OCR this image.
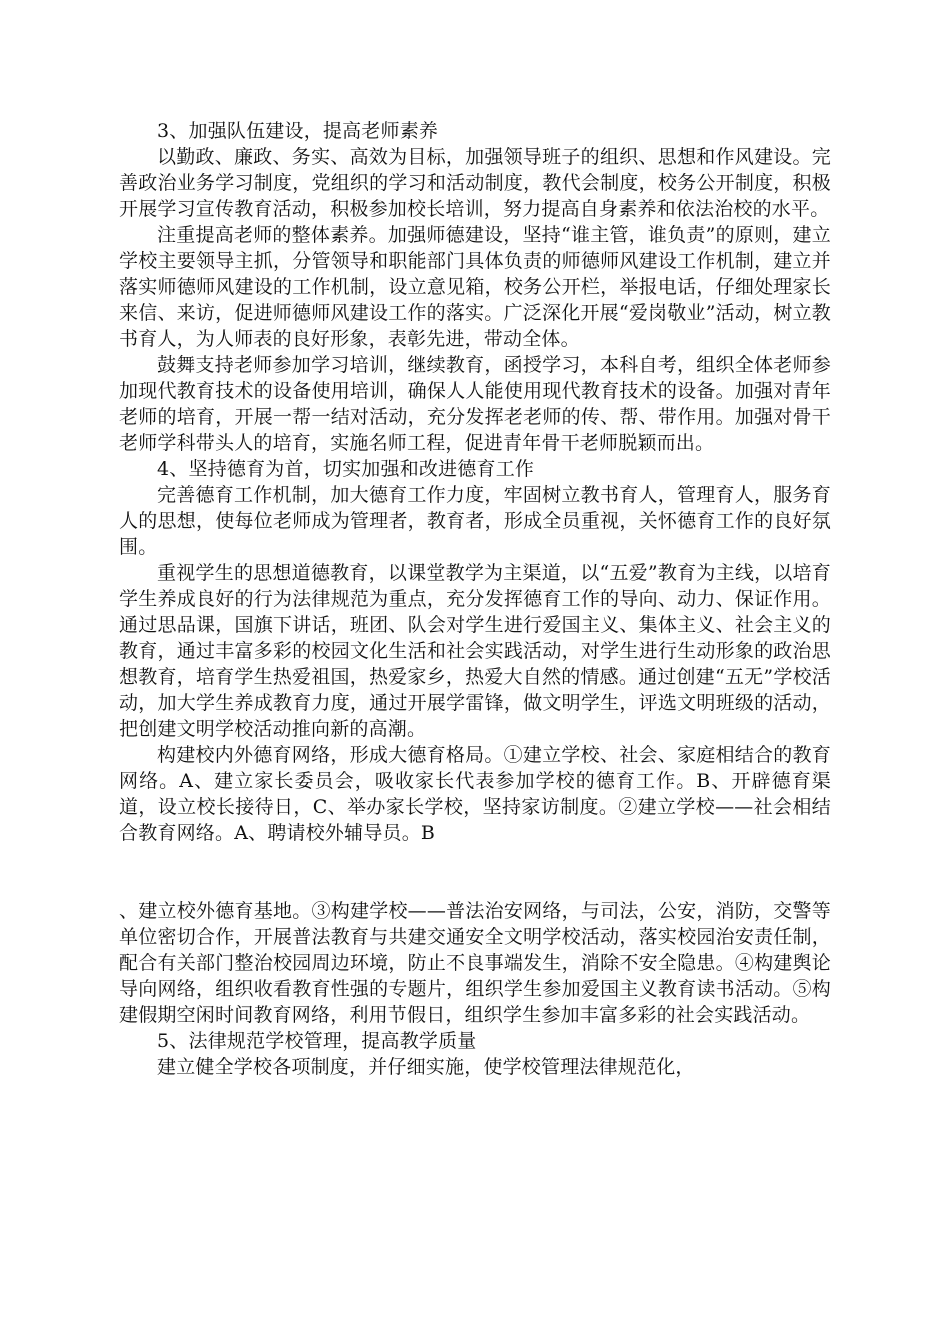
3、加强队伍建设，提高老师素养

以勤政、廉政、务实、高效为目标，加强领导班子的组织、思想和作风建设。完善政治业务学习制度，党组织的学习和活动制度，教代会制度，校务公开制度，积极开展学习宣传教育活动，积极参加校长培训，努力提高自身素养和依法治校的水平。

注重提高老师的整体素养。加强师德建设，坚持“谁主管，谁负责”的原则，建立学校主要领导主抓，分管领导和职能部门具体负责的师德师风建设工作机制，建立并落实师德师风建设的工作机制，设立意见箱，校务公开栏，举报电话，仔细处理家长来信、来访，促进师德师风建设工作的落实。广泛深化开展“爱岗敬业”活动，树立教书育人，为人师表的良好形象，表彰先进，带动全体。

鼓舞支持老师参加学习培训，继续教育，函授学习，本科自考，组织全体老师参加现代教育技术的设备使用培训，确保人人能使用现代教育技术的设备。加强对青年老师的培育，开展一帮一结对活动，充分发挥老老师的传、帮、带作用。加强对骨干老师学科带头人的培育，实施名师工程，促进青年骨干老师脱颖而出。

4、坚持德育为首，切实加强和改进德育工作

完善德育工作机制，加大德育工作力度，牢固树立教书育人，管理育人，服务育人的思想，使每位老师成为管理者，教育者，形成全员重视，关怀德育工作的良好氛围。

重视学生的思想道德教育，以课堂教学为主渠道，以“五爱”教育为主线，以培育学生养成良好的行为法律规范为重点，充分发挥德育工作的导向、动力、保证作用。通过思品课，国旗下讲话，班团、队会对学生进行爱国主义、集体主义、社会主义的教育，通过丰富多彩的校园文化生活和社会实践活动，对学生进行生动形象的政治思想教育，培育学生热爱祖国，热爱家乡，热爱大自然的情感。通过创建“五无”学校活动，加大学生养成教育力度，通过开展学雷锋，做文明学生，评选文明班级的活动，把创建文明学校活动推向新的高潮。

构建校内外德育网络，形成大德育格局。①建立学校、社会、家庭相结合的教育网络。A、建立家长委员会，吸收家长代表参加学校的德育工作。B、开辟德育渠道，设立校长接待日，C、举办家长学校，坚持家访制度。②建立学校——社会相结合教育网络。A、聘请校外辅导员。B

、建立校外德育基地。③构建学校——普法治安网络，与司法，公安，消防，交警等单位密切合作，开展普法教育与共建交通安全文明学校活动，落实校园治安责任制，配合有关部门整治校园周边环境，防止不良事端发生，消除不安全隐患。④构建舆论导向网络，组织收看教育性强的专题片，组织学生参加爱国主义教育读书活动。⑤构建假期空闲时间教育网络，利用节假日，组织学生参加丰富多彩的社会实践活动。

5、法律规范学校管理，提高教学质量

建立健全学校各项制度，并仔细实施，使学校管理法律规范化，
